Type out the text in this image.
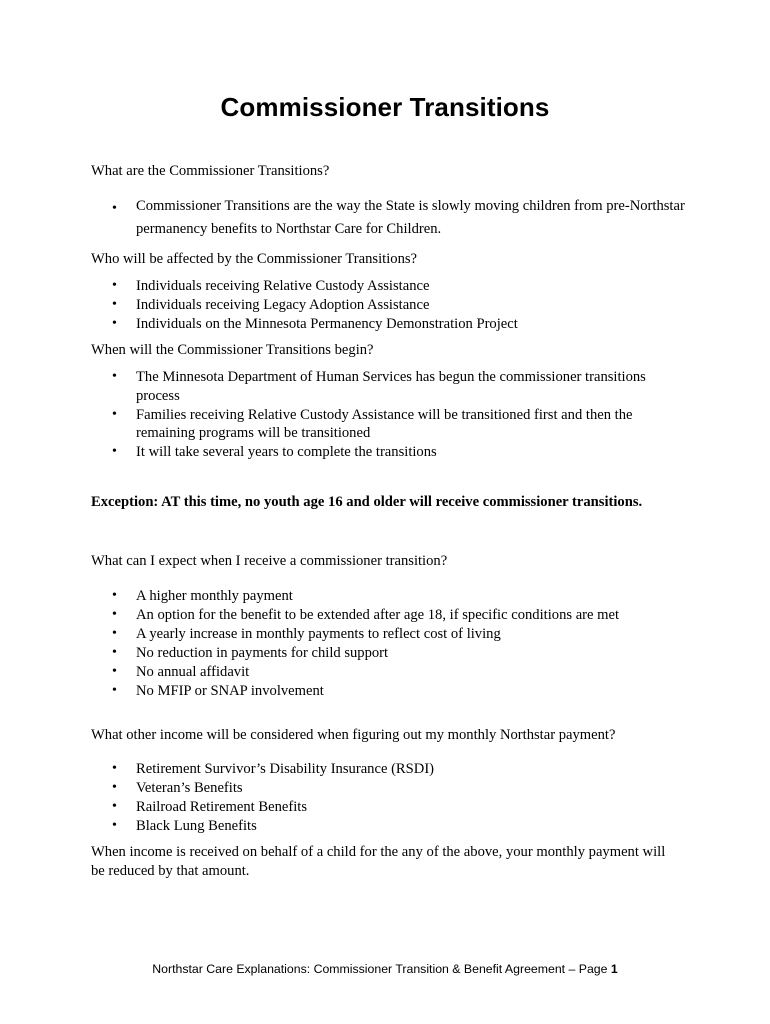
Commissioner Transitions

What are the Commissioner Transitions?

• Commissioner Transitions are the way the State is slowly moving children from pre-Northstar permanency benefits to Northstar Care for Children.

Who will be affected by the Commissioner Transitions?

• Individuals receiving Relative Custody Assistance
• Individuals receiving Legacy Adoption Assistance
• Individuals on the Minnesota Permanency Demonstration Project

When will the Commissioner Transitions begin?

• The Minnesota Department of Human Services has begun the commissioner transitions process
• Families receiving Relative Custody Assistance will be transitioned first and then the remaining programs will be transitioned
• It will take several years to complete the transitions

Exception: AT this time, no youth age 16 and older will receive commissioner transitions.

What can I expect when I receive a commissioner transition?

• A higher monthly payment
• An option for the benefit to be extended after age 18, if specific conditions are met
• A yearly increase in monthly payments to reflect cost of living
• No reduction in payments for child support
• No annual affidavit
• No MFIP or SNAP involvement

What other income will be considered when figuring out my monthly Northstar payment?

• Retirement Survivor’s Disability Insurance (RSDI)
• Veteran’s Benefits
• Railroad Retirement Benefits
• Black Lung Benefits

When income is received on behalf of a child for the any of the above, your monthly payment will be reduced by that amount.

Northstar Care Explanations: Commissioner Transition & Benefit Agreement – Page 1
